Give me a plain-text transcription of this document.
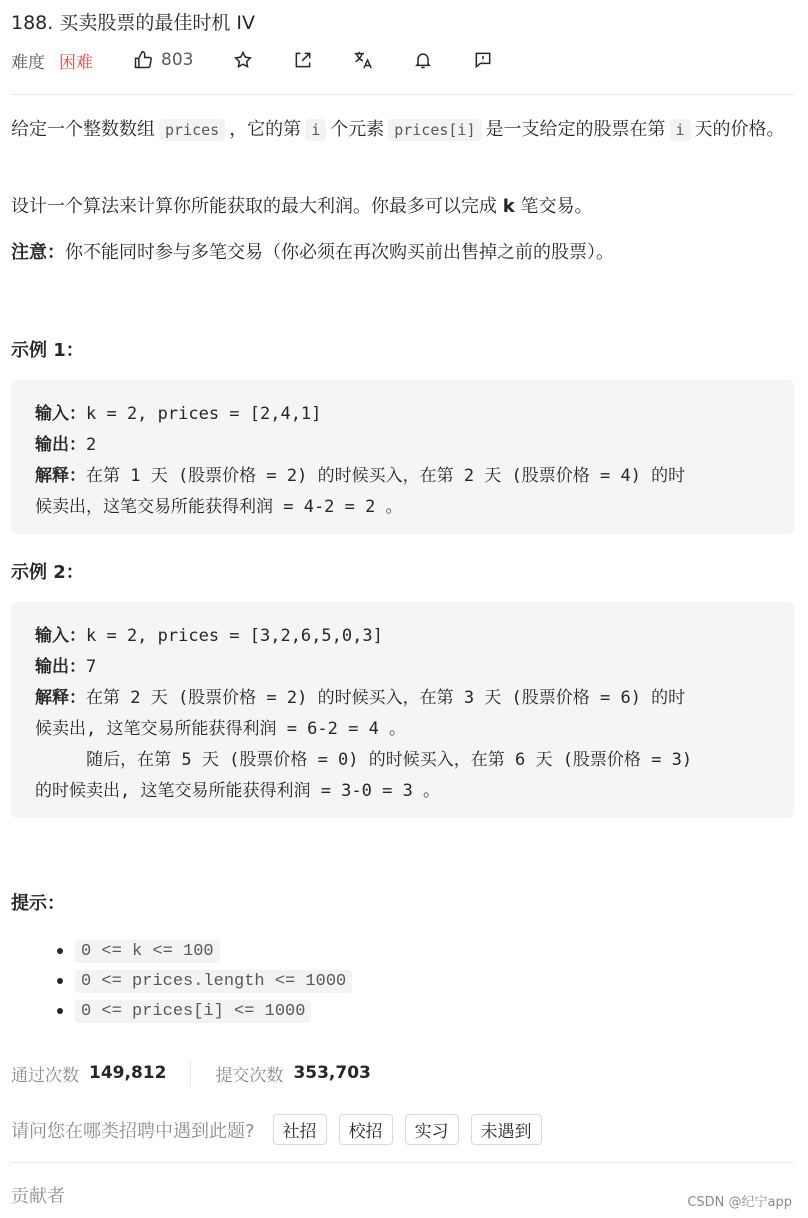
188. 买卖股票的最佳时机 IV
难度 困难	803
给定一个整数数组 prices ，它的第 i 个元素 prices[i] 是一支给定的股票在第 i 天的价格。
设计一个算法来计算你所能获取的最大利润。你最多可以完成 k 笔交易。
注意：你不能同时参与多笔交易（你必须在再次购买前出售掉之前的股票）。
示例 1：
输入：k = 2, prices = [2,4,1]
输出：2
解释：在第 1 天 (股票价格 = 2) 的时候买入，在第 2 天 (股票价格 = 4) 的时
候卖出，这笔交易所能获得利润 = 4-2 = 2 。
示例 2：
输入：k = 2, prices = [3,2,6,5,0,3]
输出：7
解释：在第 2 天 (股票价格 = 2) 的时候买入，在第 3 天 (股票价格 = 6) 的时
候卖出, 这笔交易所能获得利润 = 6-2 = 4 。
随后，在第 5 天 (股票价格 = 0) 的时候买入，在第 6 天 (股票价格 = 3)
的时候卖出, 这笔交易所能获得利润 = 3-0 = 3 。
提示：
0 <= k <= 100
0 <= prices.length <= 1000
0 <= prices[i] <= 1000
通过次数 149,812	提交次数 353,703
请问您在哪类招聘中遇到此题?	社招	校招	实习	未遇到
贡献者	CSDN @纪宁app
